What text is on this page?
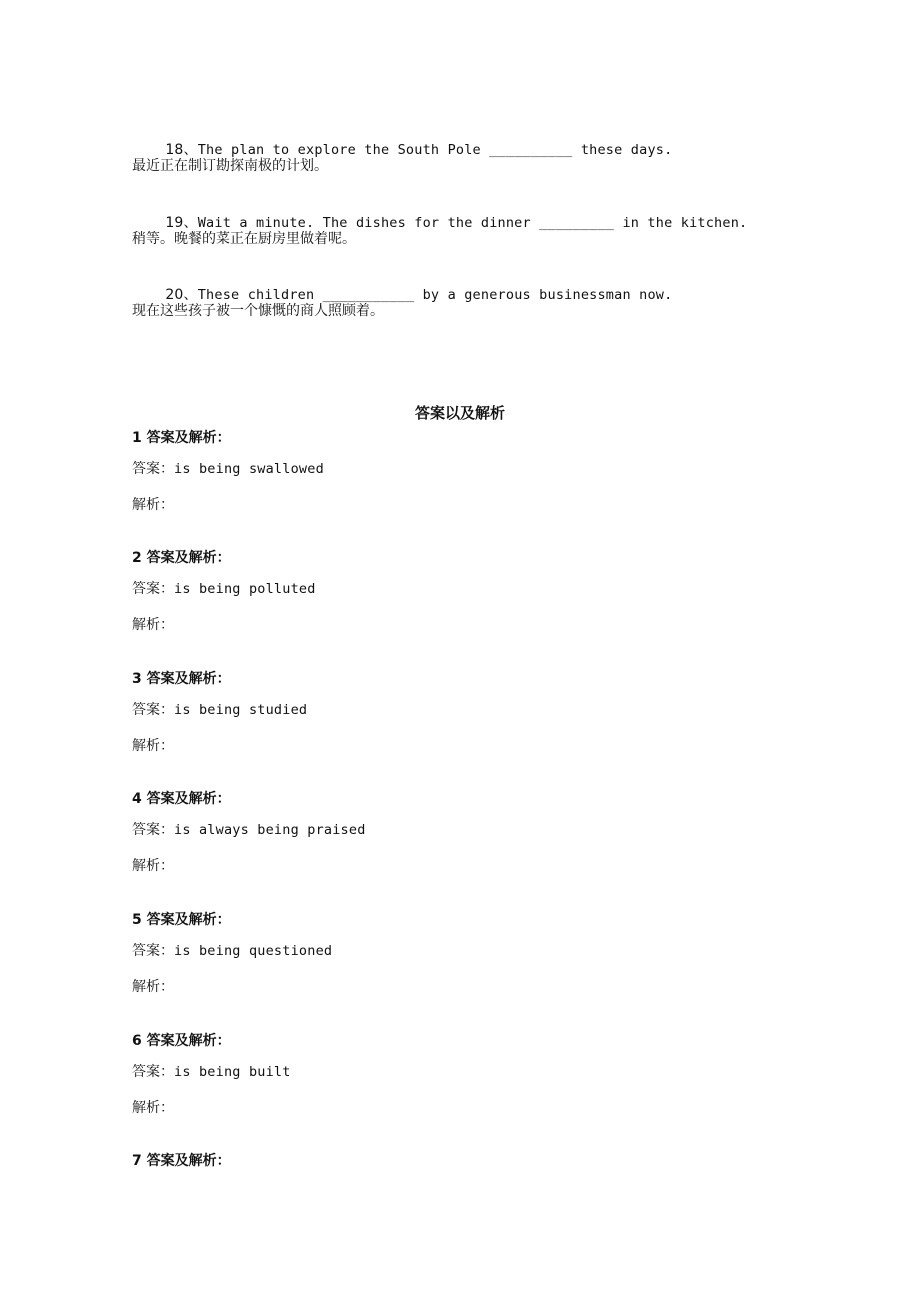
18、The plan to explore the South Pole __________ these days.

最近正在制订勘探南极的计划。

19、Wait a minute. The dishes for the dinner _________ in the kitchen.

稍等。晚餐的菜正在厨房里做着呢。

20、These children ___________ by a generous businessman now.

现在这些孩子被一个慷慨的商人照顾着。
答案以及解析
1 答案及解析：
答案：is being swallowed
解析：
2 答案及解析：
答案：is being polluted
解析：
3 答案及解析：
答案：is being studied
解析：
4 答案及解析：
答案：is always being praised
解析：
5 答案及解析：
答案：is being questioned
解析：
6 答案及解析：
答案：is being built
解析：
7 答案及解析：
